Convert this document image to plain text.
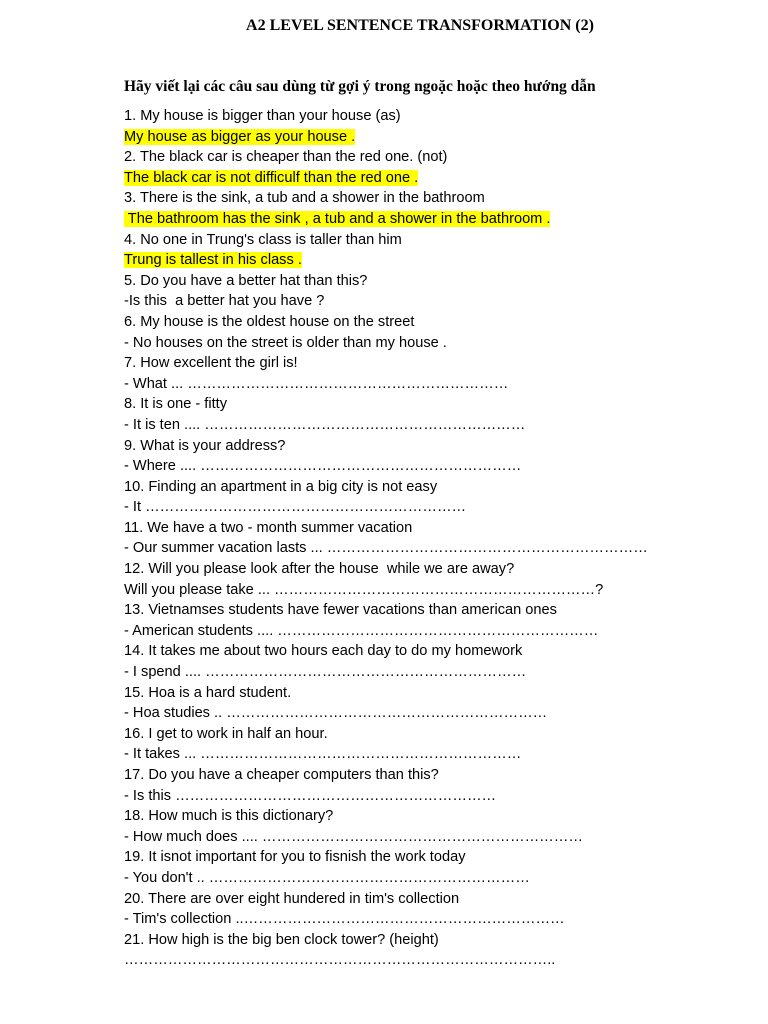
A2 LEVEL SENTENCE TRANSFORMATION (2)
Hãy viết lại các câu sau dùng từ gợi ý trong ngoặc hoặc theo hướng dẫn
1. My house is bigger than your house (as)
My house as bigger as your house .
2. The black car is cheaper than the red one. (not)
The black car is not difficulf than the red one .
3. There is the sink, a tub and a shower in the bathroom
The bathroom has the sink , a tub and a shower in the bathroom .
4. No one in Trung's class is taller than him
Trung is tallest in his class .
5. Do you have a better hat than this?
-Is this  a better hat you have ?
6. My house is the oldest house on the street
- No houses on the street is older than my house .
7. How excellent the girl is!
- What ... …………………………………………………………
8. It is one - fitty
- It is ten .... …………………………………………………………
9. What is your address?
- Where .... …………………………………………………………
10. Finding an apartment in a big city is not easy
- It …………………………………………………………
11. We have a two - month summer vacation
- Our summer vacation lasts ... …………………………………………………………
12. Will you please look after the house  while we are away?
Will you please take ... …………………………………………………………?
13. Vietnamses students have fewer vacations than american ones
- American students .... …………………………………………………………
14. It takes me about two hours each day to do my homework
- I spend .... …………………………………………………………
15. Hoa is a hard student.
- Hoa studies .. …………………………………………………………
16. I get to work in half an hour.
- It takes ... …………………………………………………………
17. Do you have a cheaper computers than this?
- Is this …………………………………………………………
18. How much is this dictionary?
- How much does .... …………………………………………………………
19. It isnot important for you to fisnish the work today
- You don't .. …………………………………………………………
20. There are over eight hundered in tim's collection
- Tim's collection ..…………………………………………………………
21. How high is the big ben clock tower? (height)
……………………………………………………………………………..
